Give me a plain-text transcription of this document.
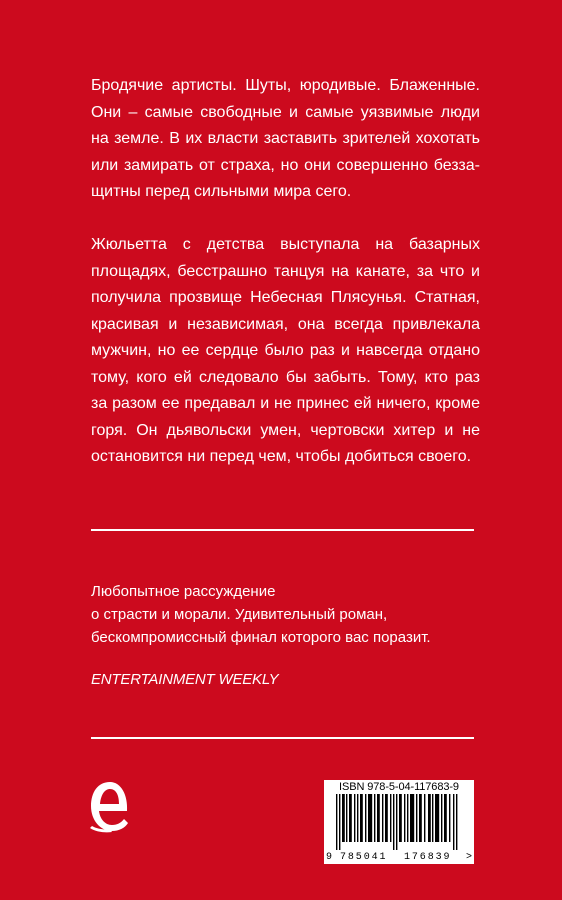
Бродячие артисты. Шуты, юродивые. Блаженные.
Они – самые свободные и самые уязвимые люди
на земле. В их власти заставить зрителей хохотать
или замирать от страха, но они совершенно безза-
щитны перед сильными мира сего.
Жюльетта с детства выступала на базарных
площадях, бесстрашно танцуя на канате, за что и
получила прозвище Небесная Плясунья. Статная,
красивая и независимая, она всегда привлекала
мужчин, но ее сердце было раз и навсегда отдано
тому, кого ей следовало бы забыть. Тому, кто раз
за разом ее предавал и не принес ей ничего, кроме
горя. Он дьявольски умен, чертовски хитер и не
остановится ни перед чем, чтобы добиться своего.
Любопытное рассуждение
о страсти и морали. Удивительный роман,
бескомпромиссный финал которого вас поразит.
ENTERTAINMENT WEEKLY
ISBN 978-5-04-117683-9
9 785041 176839 >
